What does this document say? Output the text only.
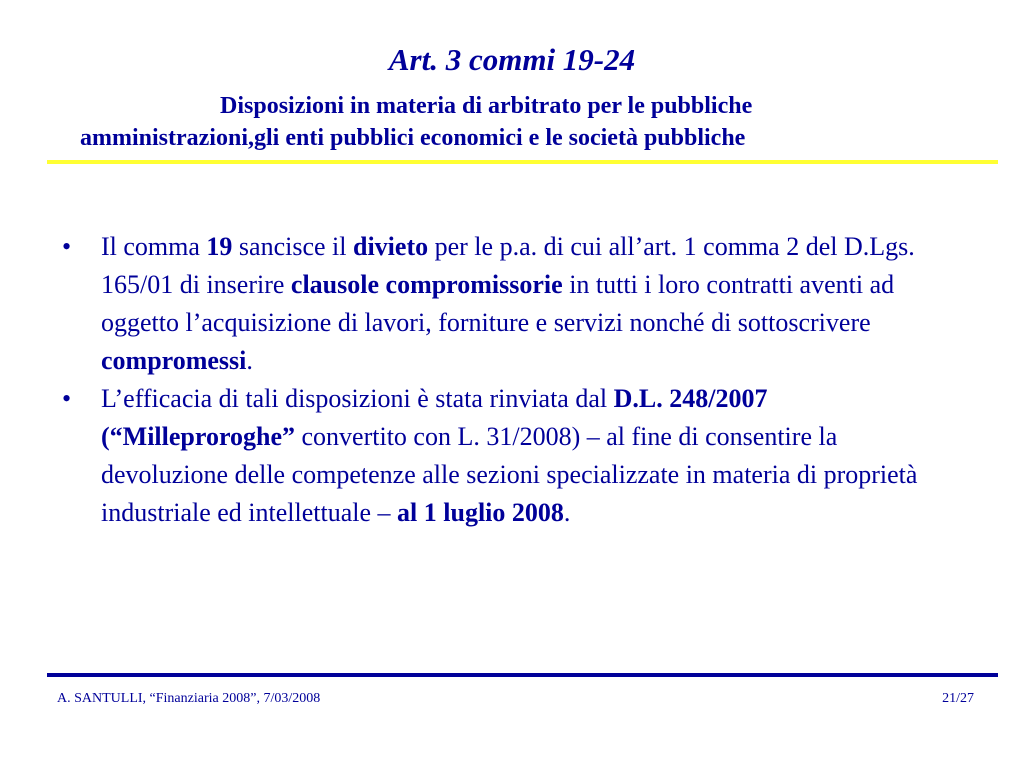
Art. 3 commi 19-24
Disposizioni in materia di arbitrato per le pubbliche
amministrazioni,gli enti pubblici economici e le società pubbliche
• Il comma 19 sancisce il divieto per le p.a. di cui all’art. 1 comma 2 del D.Lgs. 165/01 di inserire clausole compromissorie in tutti i loro contratti aventi ad oggetto l’acquisizione di lavori, forniture e servizi nonché di sottoscrivere compromessi.
• L’efficacia di tali disposizioni è stata rinviata dal D.L. 248/2007 (“Milleproroghe” convertito con L. 31/2008) – al fine di consentire la devoluzione delle competenze alle sezioni specializzate in materia di proprietà industriale ed intellettuale – al 1 luglio 2008.
A. SANTULLI, “Finanziaria 2008”, 7/03/2008	21/27
